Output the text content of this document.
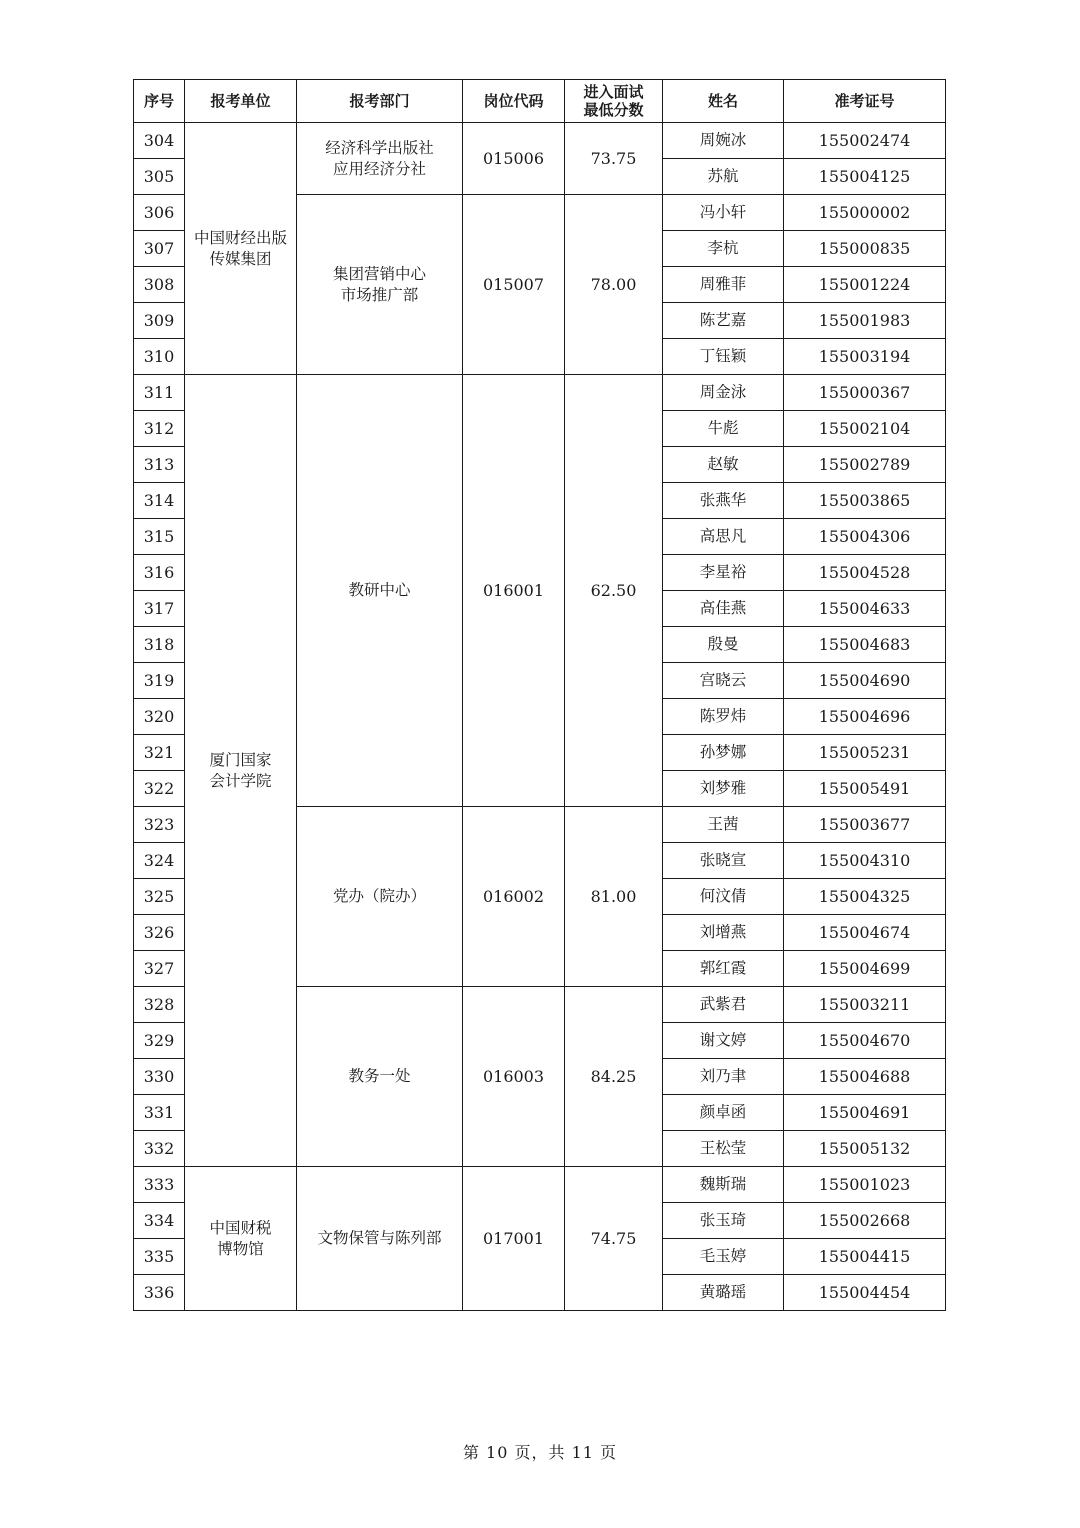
序号	报考单位	报考部门	岗位代码	进入面试
最低分数	姓名	准考证号
304	中国财经出版
传媒集团	经济科学出版社
应用经济分社	015006	73.75	周婉冰	155002474
305					苏航	155004125
306		集团营销中心
市场推广部	015007	78.00	冯小轩	155000002
307					李杭	155000835
308					周雅菲	155001224
309					陈艺嘉	155001983
310					丁钰颖	155003194
311	厦门国家
会计学院	教研中心	016001	62.50	周金泳	155000367
312					牛彪	155002104
313					赵敏	155002789
314					张燕华	155003865
315					高思凡	155004306
316					李星裕	155004528
317					高佳燕	155004633
318					殷曼	155004683
319					宫晓云	155004690
320					陈罗炜	155004696
321					孙梦娜	155005231
322					刘梦雅	155005491
323		党办（院办）	016002	81.00	王茜	155003677
324					张晓宣	155004310
325					何汶倩	155004325
326					刘增燕	155004674
327					郭红霞	155004699
328		教务一处	016003	84.25	武紫君	155003211
329					谢文婷	155004670
330					刘乃聿	155004688
331					颜卓函	155004691
332					王松莹	155005132
333	中国财税
博物馆	文物保管与陈列部	017001	74.75	魏斯瑞	155001023
334					张玉琦	155002668
335					毛玉婷	155004415
336					黄璐瑶	155004454
第 10 页，共 11 页
